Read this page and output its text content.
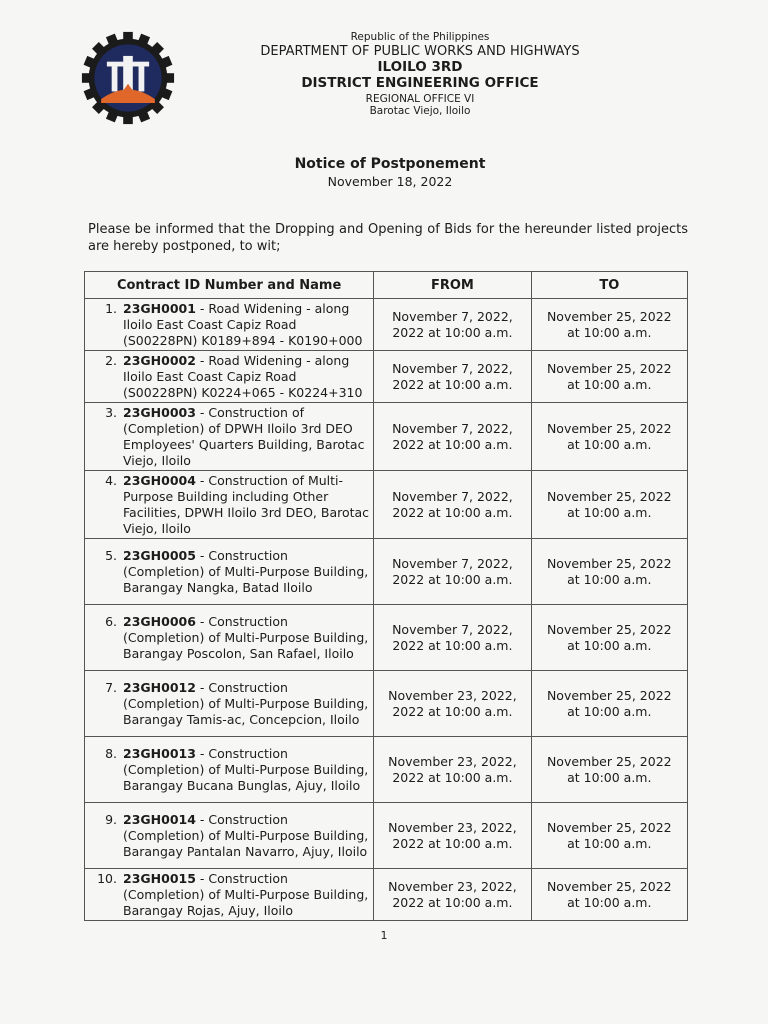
Republic of the Philippines
DEPARTMENT OF PUBLIC WORKS AND HIGHWAYS
ILOILO 3RD
DISTRICT ENGINEERING OFFICE
REGIONAL OFFICE VI
Barotac Viejo, Iloilo
Notice of Postponement
November 18, 2022
Please be informed that the Dropping and Opening of Bids for the hereunder listed projects are hereby postponed, to wit;
Contract ID Number and Name	FROM	TO

1. 23GH0001 - Road Widening - along Iloilo East Coast Capiz Road (S00228PN) K0189+894 - K0190+000	November 7, 2022, 2022 at 10:00 a.m.	November 25, 2022 at 10:00 a.m.

2. 23GH0002 - Road Widening - along Iloilo East Coast Capiz Road (S00228PN) K0224+065 - K0224+310	November 7, 2022, 2022 at 10:00 a.m.	November 25, 2022 at 10:00 a.m.

3. 23GH0003 - Construction of (Completion) of DPWH Iloilo 3rd DEO Employees' Quarters Building, Barotac Viejo, Iloilo	November 7, 2022, 2022 at 10:00 a.m.	November 25, 2022 at 10:00 a.m.

4. 23GH0004 - Construction of Multi-Purpose Building including Other Facilities, DPWH Iloilo 3rd DEO, Barotac Viejo, Iloilo	November 7, 2022, 2022 at 10:00 a.m.	November 25, 2022 at 10:00 a.m.

5. 23GH0005 - Construction (Completion) of Multi-Purpose Building, Barangay Nangka, Batad Iloilo	November 7, 2022, 2022 at 10:00 a.m.	November 25, 2022 at 10:00 a.m.

6. 23GH0006 - Construction (Completion) of Multi-Purpose Building, Barangay Poscolon, San Rafael, Iloilo	November 7, 2022, 2022 at 10:00 a.m.	November 25, 2022 at 10:00 a.m.

7. 23GH0012 - Construction (Completion) of Multi-Purpose Building, Barangay Tamis-ac, Concepcion, Iloilo	November 23, 2022, 2022 at 10:00 a.m.	November 25, 2022 at 10:00 a.m.

8. 23GH0013 - Construction (Completion) of Multi-Purpose Building, Barangay Bucana Bunglas, Ajuy, Iloilo	November 23, 2022, 2022 at 10:00 a.m.	November 25, 2022 at 10:00 a.m.

9. 23GH0014 - Construction (Completion) of Multi-Purpose Building, Barangay Pantalan Navarro, Ajuy, Iloilo	November 23, 2022, 2022 at 10:00 a.m.	November 25, 2022 at 10:00 a.m.

10. 23GH0015 - Construction (Completion) of Multi-Purpose Building, Barangay Rojas, Ajuy, Iloilo	November 23, 2022, 2022 at 10:00 a.m.	November 25, 2022 at 10:00 a.m.
1
